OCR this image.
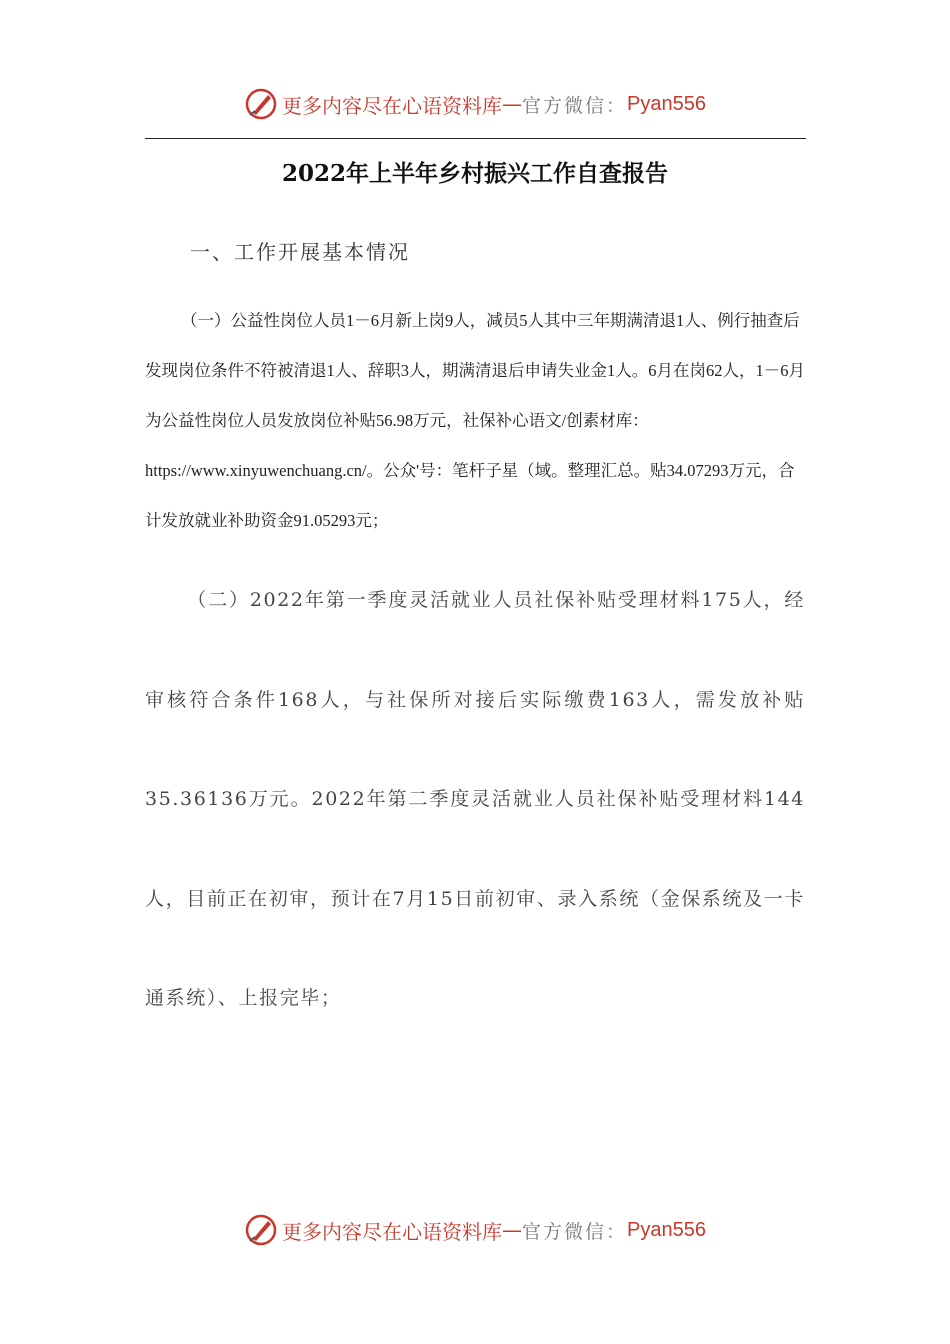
更多内容尽在心语资料库 — 官方微信： Pyan556
2022年上半年乡村振兴工作自查报告
一、工作开展基本情况
（一）公益性岗位人员1－6月新上岗9人，减员5人其中三年期满清退1人、例行抽查后发现岗位条件不符被清退1人、辞职3人，期满清退后申请失业金1人。6月在岗62人，1－6月为公益性岗位人员发放岗位补贴56.98万元，社保补心语文/创素材库：https://www.xinyuwenchuang.cn/。公众'号：笔杆子星（域。整理汇总。贴34.07293万元，合计发放就业补助资金91.05293元；
（二）2022年第一季度灵活就业人员社保补贴受理材料175人，经审核符合条件168人，与社保所对接后实际缴费163人，需发放补贴35.36136万元。2022年第二季度灵活就业人员社保补贴受理材料144人，目前正在初审，预计在7月15日前初审、录入系统（金保系统及一卡通系统）、上报完毕；
更多内容尽在心语资料库 — 官方微信： Pyan556
